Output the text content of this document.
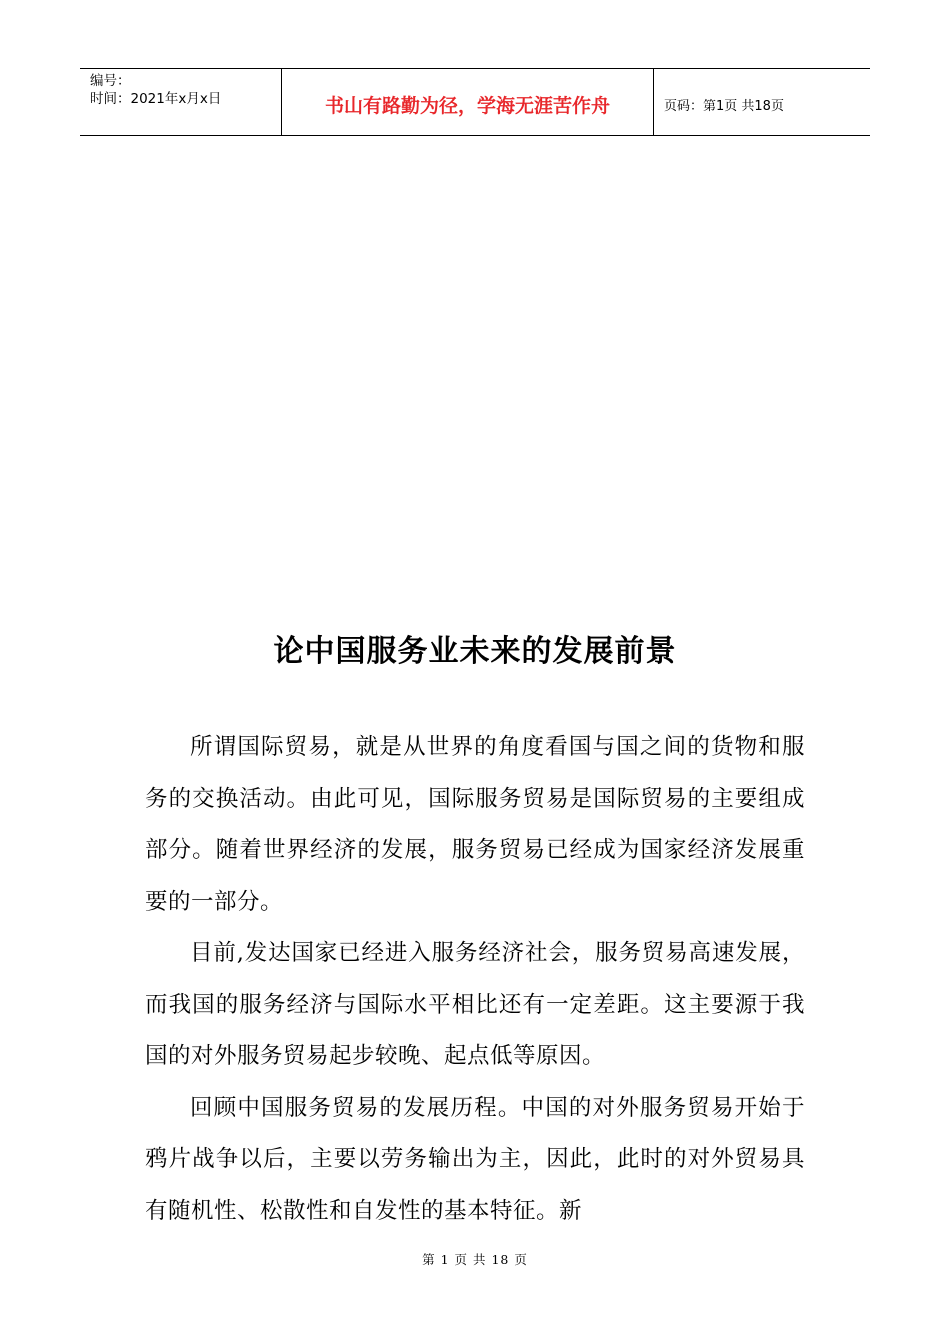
编号：
时间：2021年x月x日	书山有路勤为径，学海无涯苦作舟	页码：第1页 共18页
论中国服务业未来的发展前景

所谓国际贸易，就是从世界的角度看国与国之间的货物和服务的交换活动。由此可见，国际服务贸易是国际贸易的主要组成部分。随着世界经济的发展，服务贸易已经成为国家经济发展重要的一部分。

目前,发达国家已经进入服务经济社会，服务贸易高速发展，而我国的服务经济与国际水平相比还有一定差距。这主要源于我国的对外服务贸易起步较晚、起点低等原因。

回顾中国服务贸易的发展历程。中国的对外服务贸易开始于鸦片战争以后，主要以劳务输出为主，因此，此时的对外贸易具有随机性、松散性和自发性的基本特征。新

第 1 页 共 18 页
